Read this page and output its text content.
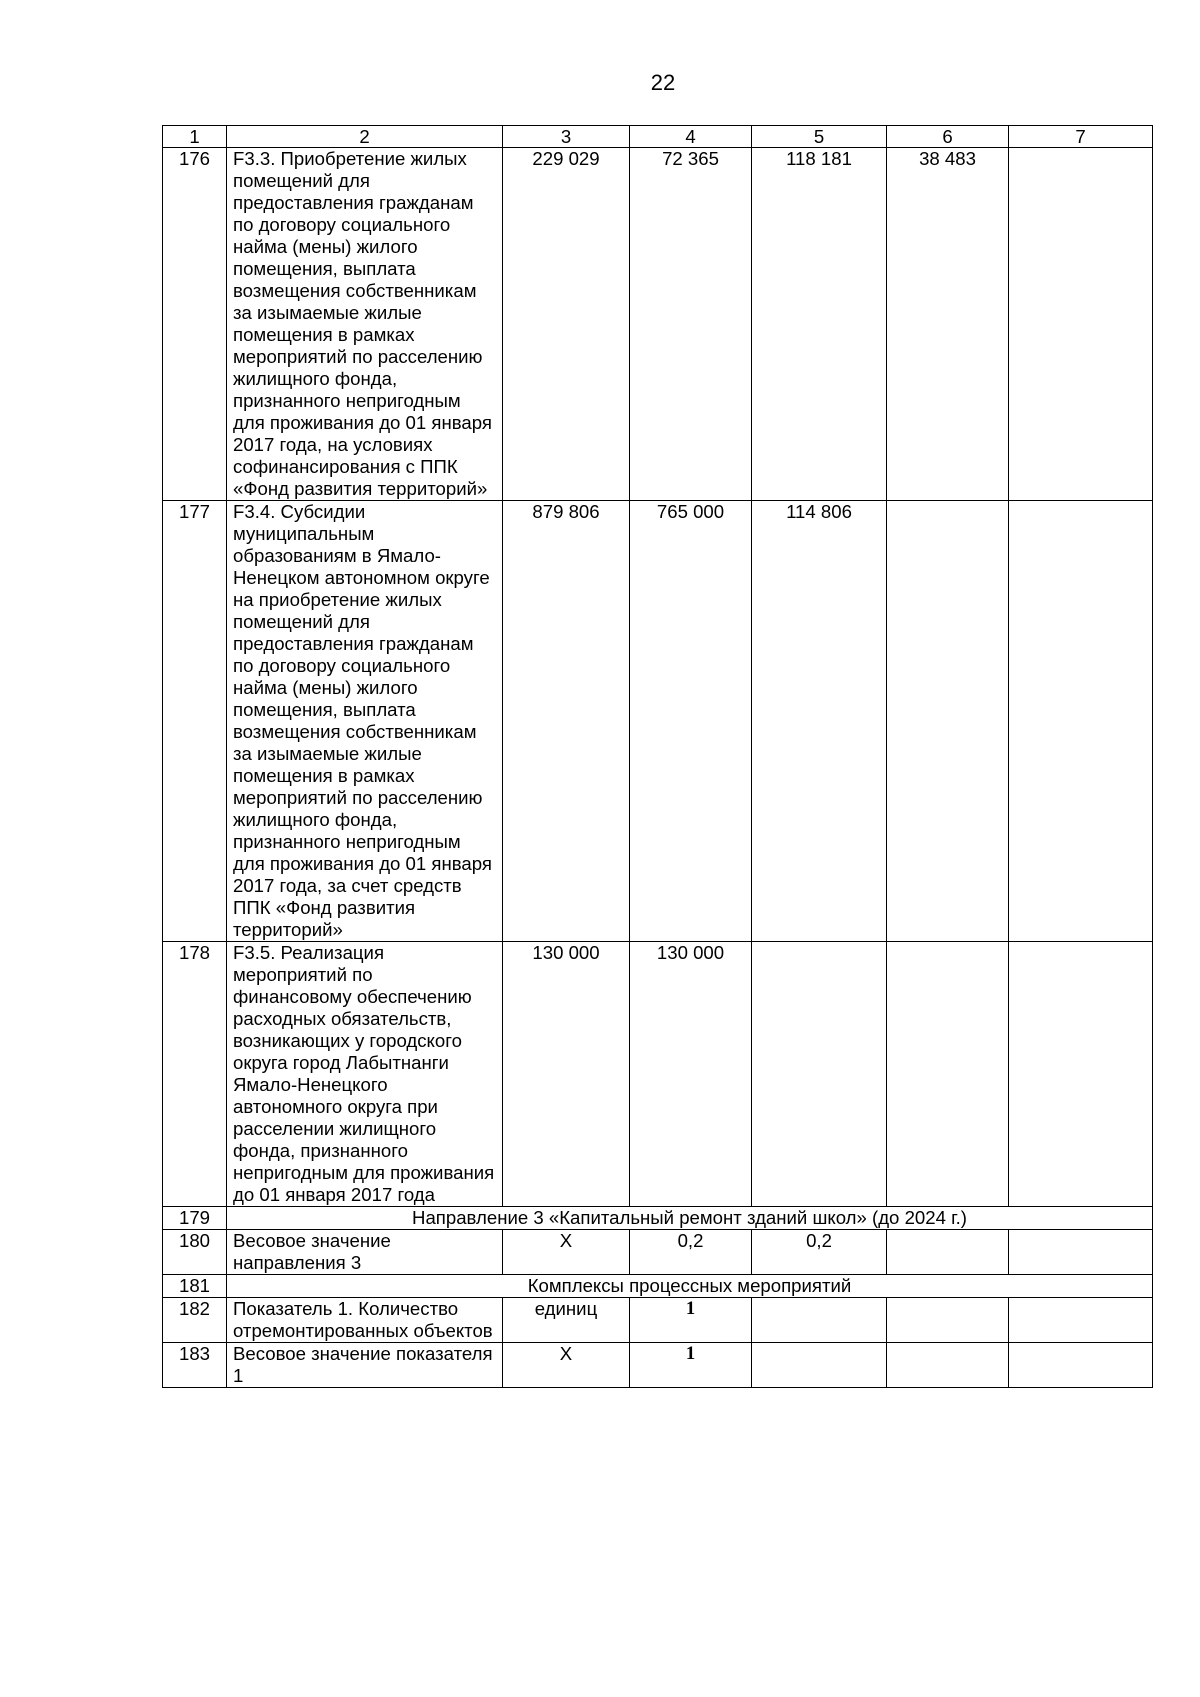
22
1	2	3	4	5	6	7
176	F3.3. Приобретение жилых помещений для предоставления гражданам по договору социального найма (мены) жилого помещения, выплата возмещения собственникам за изымаемые жилые помещения в рамках мероприятий по расселению жилищного фонда, признанного непригодным для проживания до 01 января 2017 года, на условиях софинансирования с ППК «Фонд развития территорий»	229 029	72 365	118 181	38 483	
177	F3.4. Субсидии муниципальным образованиям в Ямало-Ненецком автономном округе на приобретение жилых помещений для предоставления гражданам по договору социального найма (мены) жилого помещения, выплата возмещения собственникам за изымаемые жилые помещения в рамках мероприятий по расселению жилищного фонда, признанного непригодным для проживания до 01 января 2017 года, за счет средств ППК «Фонд развития территорий»	879 806	765 000	114 806		
178	F3.5. Реализация мероприятий по финансовому обеспечению расходных обязательств, возникающих у городского округа город Лабытнанги Ямало-Ненецкого автономного округа при расселении жилищного фонда, признанного непригодным для проживания до 01 января 2017 года	130 000	130 000			
179	Направление 3 «Капитальный ремонт зданий школ» (до 2024 г.)					
180	Весовое значение направления 3	Х	0,2	0,2		
181	Комплексы процессных мероприятий					
182	Показатель 1. Количество отремонтированных объектов	единиц	1			
183	Весовое значение показателя 1	Х	1			
